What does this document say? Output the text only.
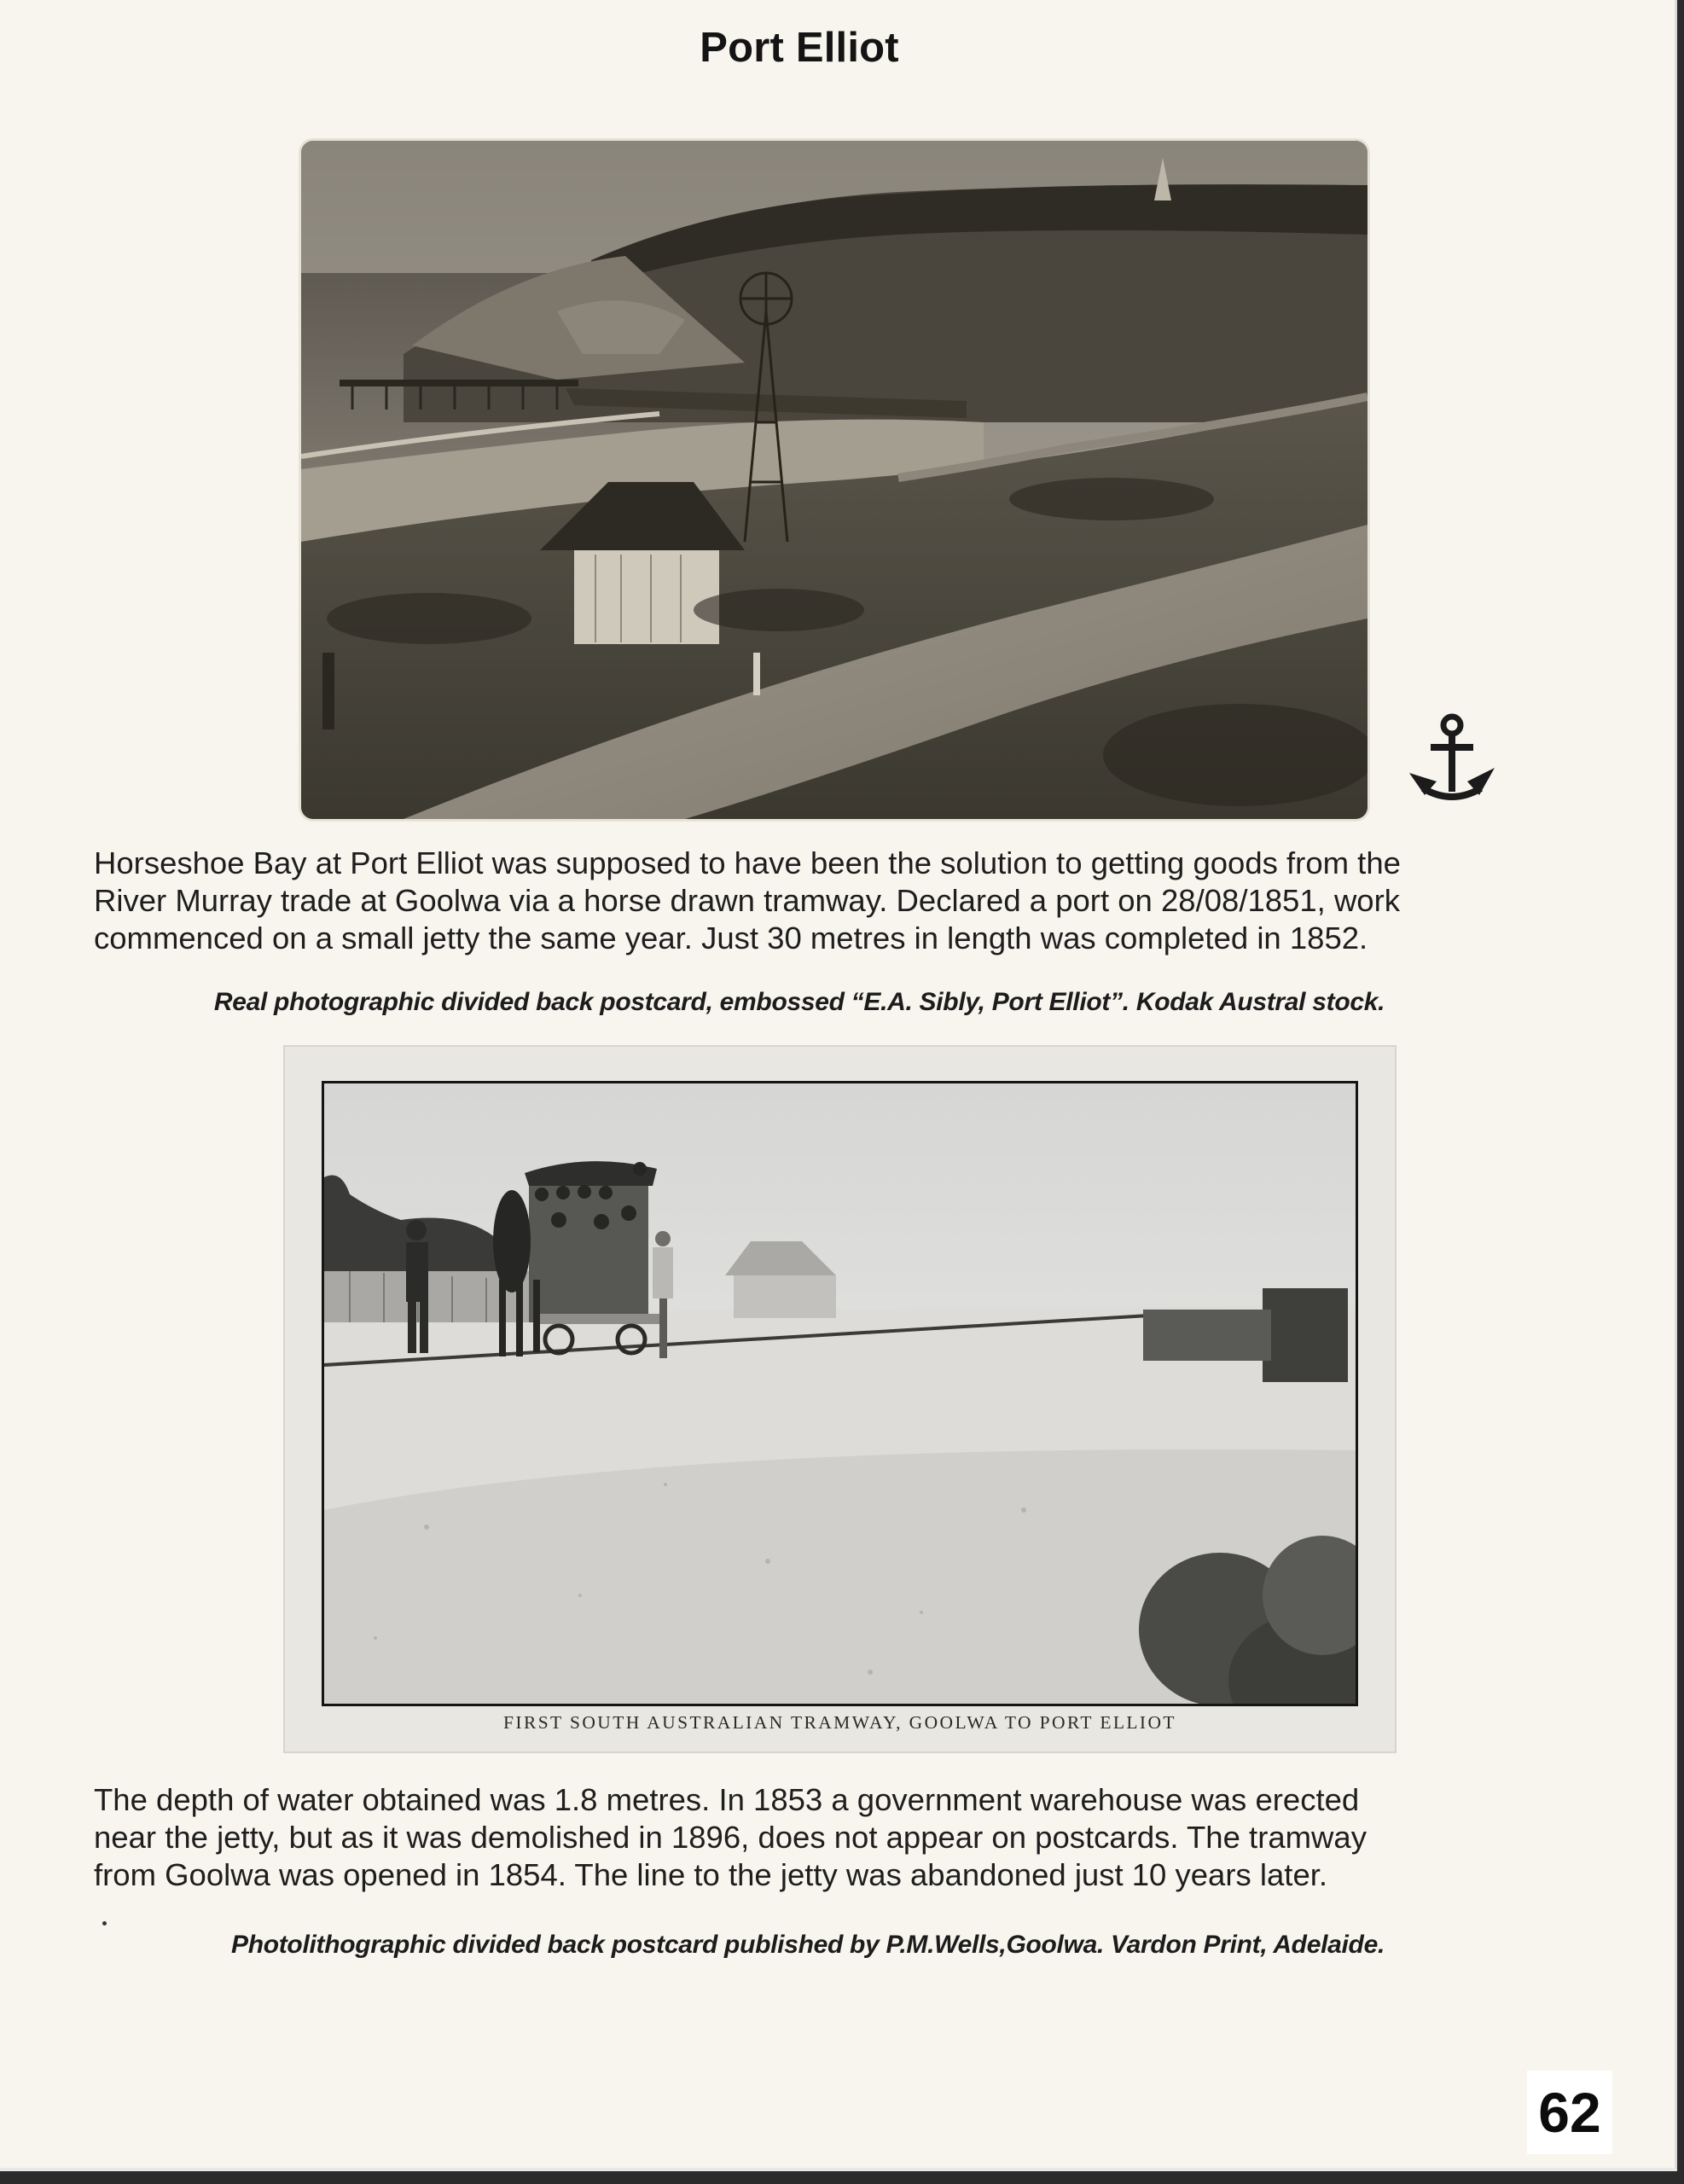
Port Elliot
Horseshoe Bay at Port Elliot was supposed to have been the solution to getting goods from the
River Murray trade at Goolwa via a horse drawn tramway. Declared a port on 28/08/1851, work
commenced on a small jetty the same year. Just 30 metres in length was completed in 1852.
Real photographic divided back postcard, embossed “E.A. Sibly, Port Elliot”. Kodak Austral stock.
FIRST SOUTH AUSTRALIAN TRAMWAY, GOOLWA TO PORT ELLIOT
The depth of water obtained was 1.8 metres. In 1853 a government warehouse was erected
near the jetty, but as it was demolished in 1896, does not appear on postcards. The tramway
from Goolwa was opened in 1854. The line to the jetty was abandoned just 10 years later.
Photolithographic divided back postcard published by P.M.Wells,Goolwa. Vardon Print, Adelaide.
62
